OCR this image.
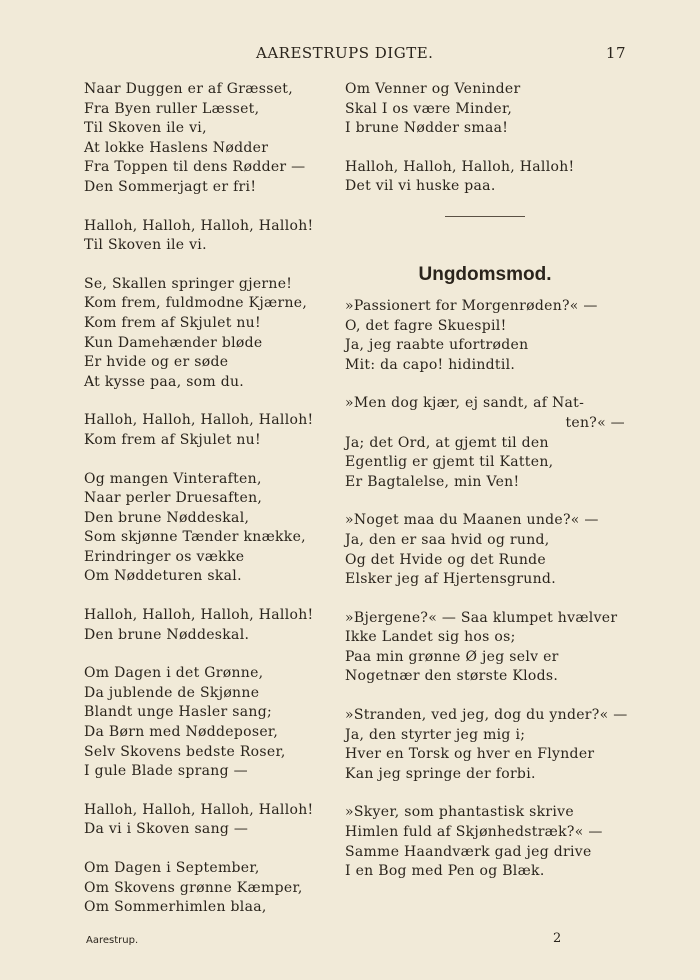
AARESTRUPS DIGTE.	17
Naar Duggen er af Græsset,
Fra Byen ruller Læsset,
Til Skoven ile vi,
At lokke Haslens Nødder
Fra Toppen til dens Rødder —
Den Sommerjagt er fri!
Halloh, Halloh, Halloh, Halloh!
Til Skoven ile vi.
Se, Skallen springer gjerne!
Kom frem, fuldmodne Kjærne,
Kom frem af Skjulet nu!
Kun Damehænder bløde
Er hvide og er søde
At kysse paa, som du.
Halloh, Halloh, Halloh, Halloh!
Kom frem af Skjulet nu!
Og mangen Vinteraften,
Naar perler Druesaften,
Den brune Nøddeskal,
Som skjønne Tænder knække,
Erindringer os vække
Om Nøddeturen skal.
Halloh, Halloh, Halloh, Halloh!
Den brune Nøddeskal.
Om Dagen i det Grønne,
Da jublende de Skjønne
Blandt unge Hasler sang;
Da Børn med Nøddeposer,
Selv Skovens bedste Roser,
I gule Blade sprang —
Halloh, Halloh, Halloh, Halloh!
Da vi i Skoven sang —
Om Dagen i September,
Om Skovens grønne Kæmper,
Om Sommerhimlen blaa,
Om Venner og Veninder
Skal I os være Minder,
I brune Nødder smaa!
Halloh, Halloh, Halloh, Halloh!
Det vil vi huske paa.
Ungdomsmod.
»Passionert for Morgenrøden?« —
O, det fagre Skuespil!
Ja, jeg raabte ufortrøden
Mit: da capo! hidindtil.
»Men dog kjær, ej sandt, af Nat-
ten?« —
Ja; det Ord, at gjemt til den
Egentlig er gjemt til Katten,
Er Bagtalelse, min Ven!
»Noget maa du Maanen unde?« —
Ja, den er saa hvid og rund,
Og det Hvide og det Runde
Elsker jeg af Hjertensgrund.
»Bjergene?« — Saa klumpet hvælver
Ikke Landet sig hos os;
Paa min grønne Ø jeg selv er
Nogetnær den største Klods.
»Stranden, ved jeg, dog du ynder?« —
Ja, den styrter jeg mig i;
Hver en Torsk og hver en Flynder
Kan jeg springe der forbi.
»Skyer, som phantastisk skrive
Himlen fuld af Skjønhedstræk?« —
Samme Haandværk gad jeg drive
I en Bog med Pen og Blæk.
Aarestrup.	2
